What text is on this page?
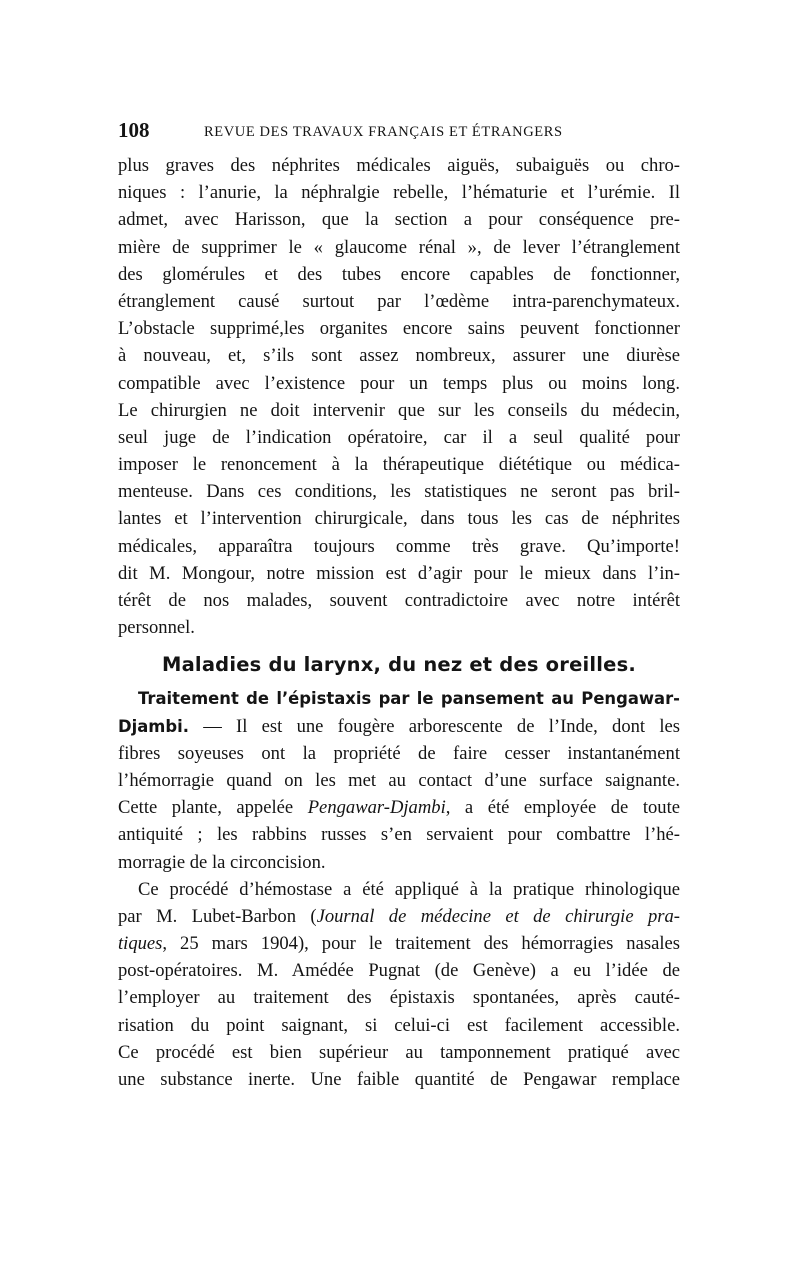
108	REVUE DES TRAVAUX FRANÇAIS ET ÉTRANGERS
plus graves des néphrites médicales aiguës, subaiguës ou chro-
niques : l’anurie, la néphralgie rebelle, l’hématurie et l’urémie. Il
admet, avec Harisson, que la section a pour conséquence pre-
mière de supprimer le « glaucome rénal », de lever l’étranglement
des glomérules et des tubes encore capables de fonctionner,
étranglement causé surtout par l’œdème intra-parenchymateux.
L’obstacle supprimé,les organites encore sains peuvent fonctionner
à nouveau, et, s’ils sont assez nombreux, assurer une diurèse
compatible avec l’existence pour un temps plus ou moins long.
Le chirurgien ne doit intervenir que sur les conseils du médecin,
seul juge de l’indication opératoire, car il a seul qualité pour
imposer le renoncement à la thérapeutique diététique ou médica-
menteuse. Dans ces conditions, les statistiques ne seront pas bril-
lantes et l’intervention chirurgicale, dans tous les cas de néphrites
médicales, apparaîtra toujours comme très grave. Qu’importe!
dit M. Mongour, notre mission est d’agir pour le mieux dans l’in-
térêt de nos malades, souvent contradictoire avec notre intérêt
personnel.
Maladies du larynx, du nez et des oreilles.
Traitement de l’épistaxis par le pansement au Pengawar-
Djambi. — Il est une fougère arborescente de l’Inde, dont les
fibres soyeuses ont la propriété de faire cesser instantanément
l’hémorragie quand on les met au contact d’une surface saignante.
Cette plante, appelée Pengawar-Djambi, a été employée de toute
antiquité ; les rabbins russes s’en servaient pour combattre l’hé-
morragie de la circoncision.
Ce procédé d’hémostase a été appliqué à la pratique rhinologique
par M. Lubet-Barbon (Journal de médecine et de chirurgie pra-
tiques, 25 mars 1904), pour le traitement des hémorragies nasales
post-opératoires. M. Amédée Pugnat (de Genève) a eu l’idée de
l’employer au traitement des épistaxis spontanées, après cauté-
risation du point saignant, si celui-ci est facilement accessible.
Ce procédé est bien supérieur au tamponnement pratiqué avec
une substance inerte. Une faible quantité de Pengawar remplace
